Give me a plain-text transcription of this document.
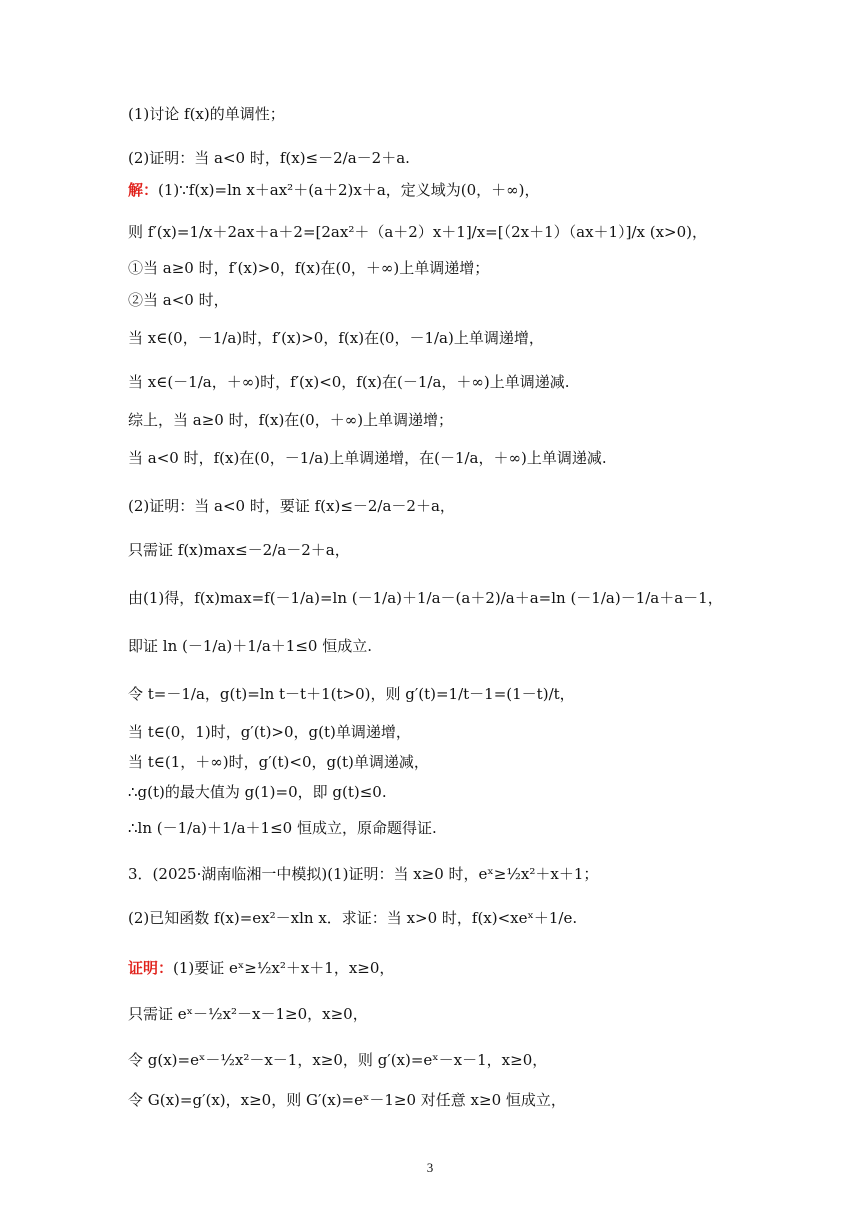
(1)讨论 f(x)的单调性；
(2)证明：当 a<0 时，f(x)≤－2/a－2＋a.
解：(1)∵f(x)=ln x＋ax²＋(a＋2)x＋a，定义域为(0，＋∞)，
则 f′(x)=1/x＋2ax＋a＋2=[2ax²＋（a＋2）x＋1]/x=[（2x＋1）（ax＋1）]/x (x>0)，
①当 a≥0 时，f′(x)>0，f(x)在(0，＋∞)上单调递增；
②当 a<0 时，
当 x∈(0，－1/a)时，f′(x)>0，f(x)在(0，－1/a)上单调递增，
当 x∈(－1/a，＋∞)时，f′(x)<0，f(x)在(－1/a，＋∞)上单调递减.
综上，当 a≥0 时，f(x)在(0，＋∞)上单调递增；
当 a<0 时，f(x)在(0，－1/a)上单调递增，在(－1/a，＋∞)上单调递减.
(2)证明：当 a<0 时，要证 f(x)≤－2/a－2＋a，
只需证 f(x)max≤－2/a－2＋a，
由(1)得，f(x)max=f(－1/a)=ln (－1/a)＋1/a－(a＋2)/a＋a=ln (－1/a)－1/a＋a－1，
即证 ln (－1/a)＋1/a＋1≤0 恒成立.
令 t=－1/a，g(t)=ln t－t＋1(t>0)，则 g′(t)=1/t－1=(1－t)/t，
当 t∈(0，1)时，g′(t)>0，g(t)单调递增，
当 t∈(1，＋∞)时，g′(t)<0，g(t)单调递减，
∴g(t)的最大值为 g(1)=0，即 g(t)≤0.
∴ln (－1/a)＋1/a＋1≤0 恒成立，原命题得证.
3．(2025·湖南临湘一中模拟)(1)证明：当 x≥0 时，eˣ≥½x²＋x＋1；
(2)已知函数 f(x)=ex²－xln x．求证：当 x>0 时，f(x)<xeˣ＋1/e.
证明：(1)要证 eˣ≥½x²＋x＋1，x≥0，
只需证 eˣ－½x²－x－1≥0，x≥0，
令 g(x)=eˣ－½x²－x－1，x≥0，则 g′(x)=eˣ－x－1，x≥0，
令 G(x)=g′(x)，x≥0，则 G′(x)=eˣ－1≥0 对任意 x≥0 恒成立，
3
